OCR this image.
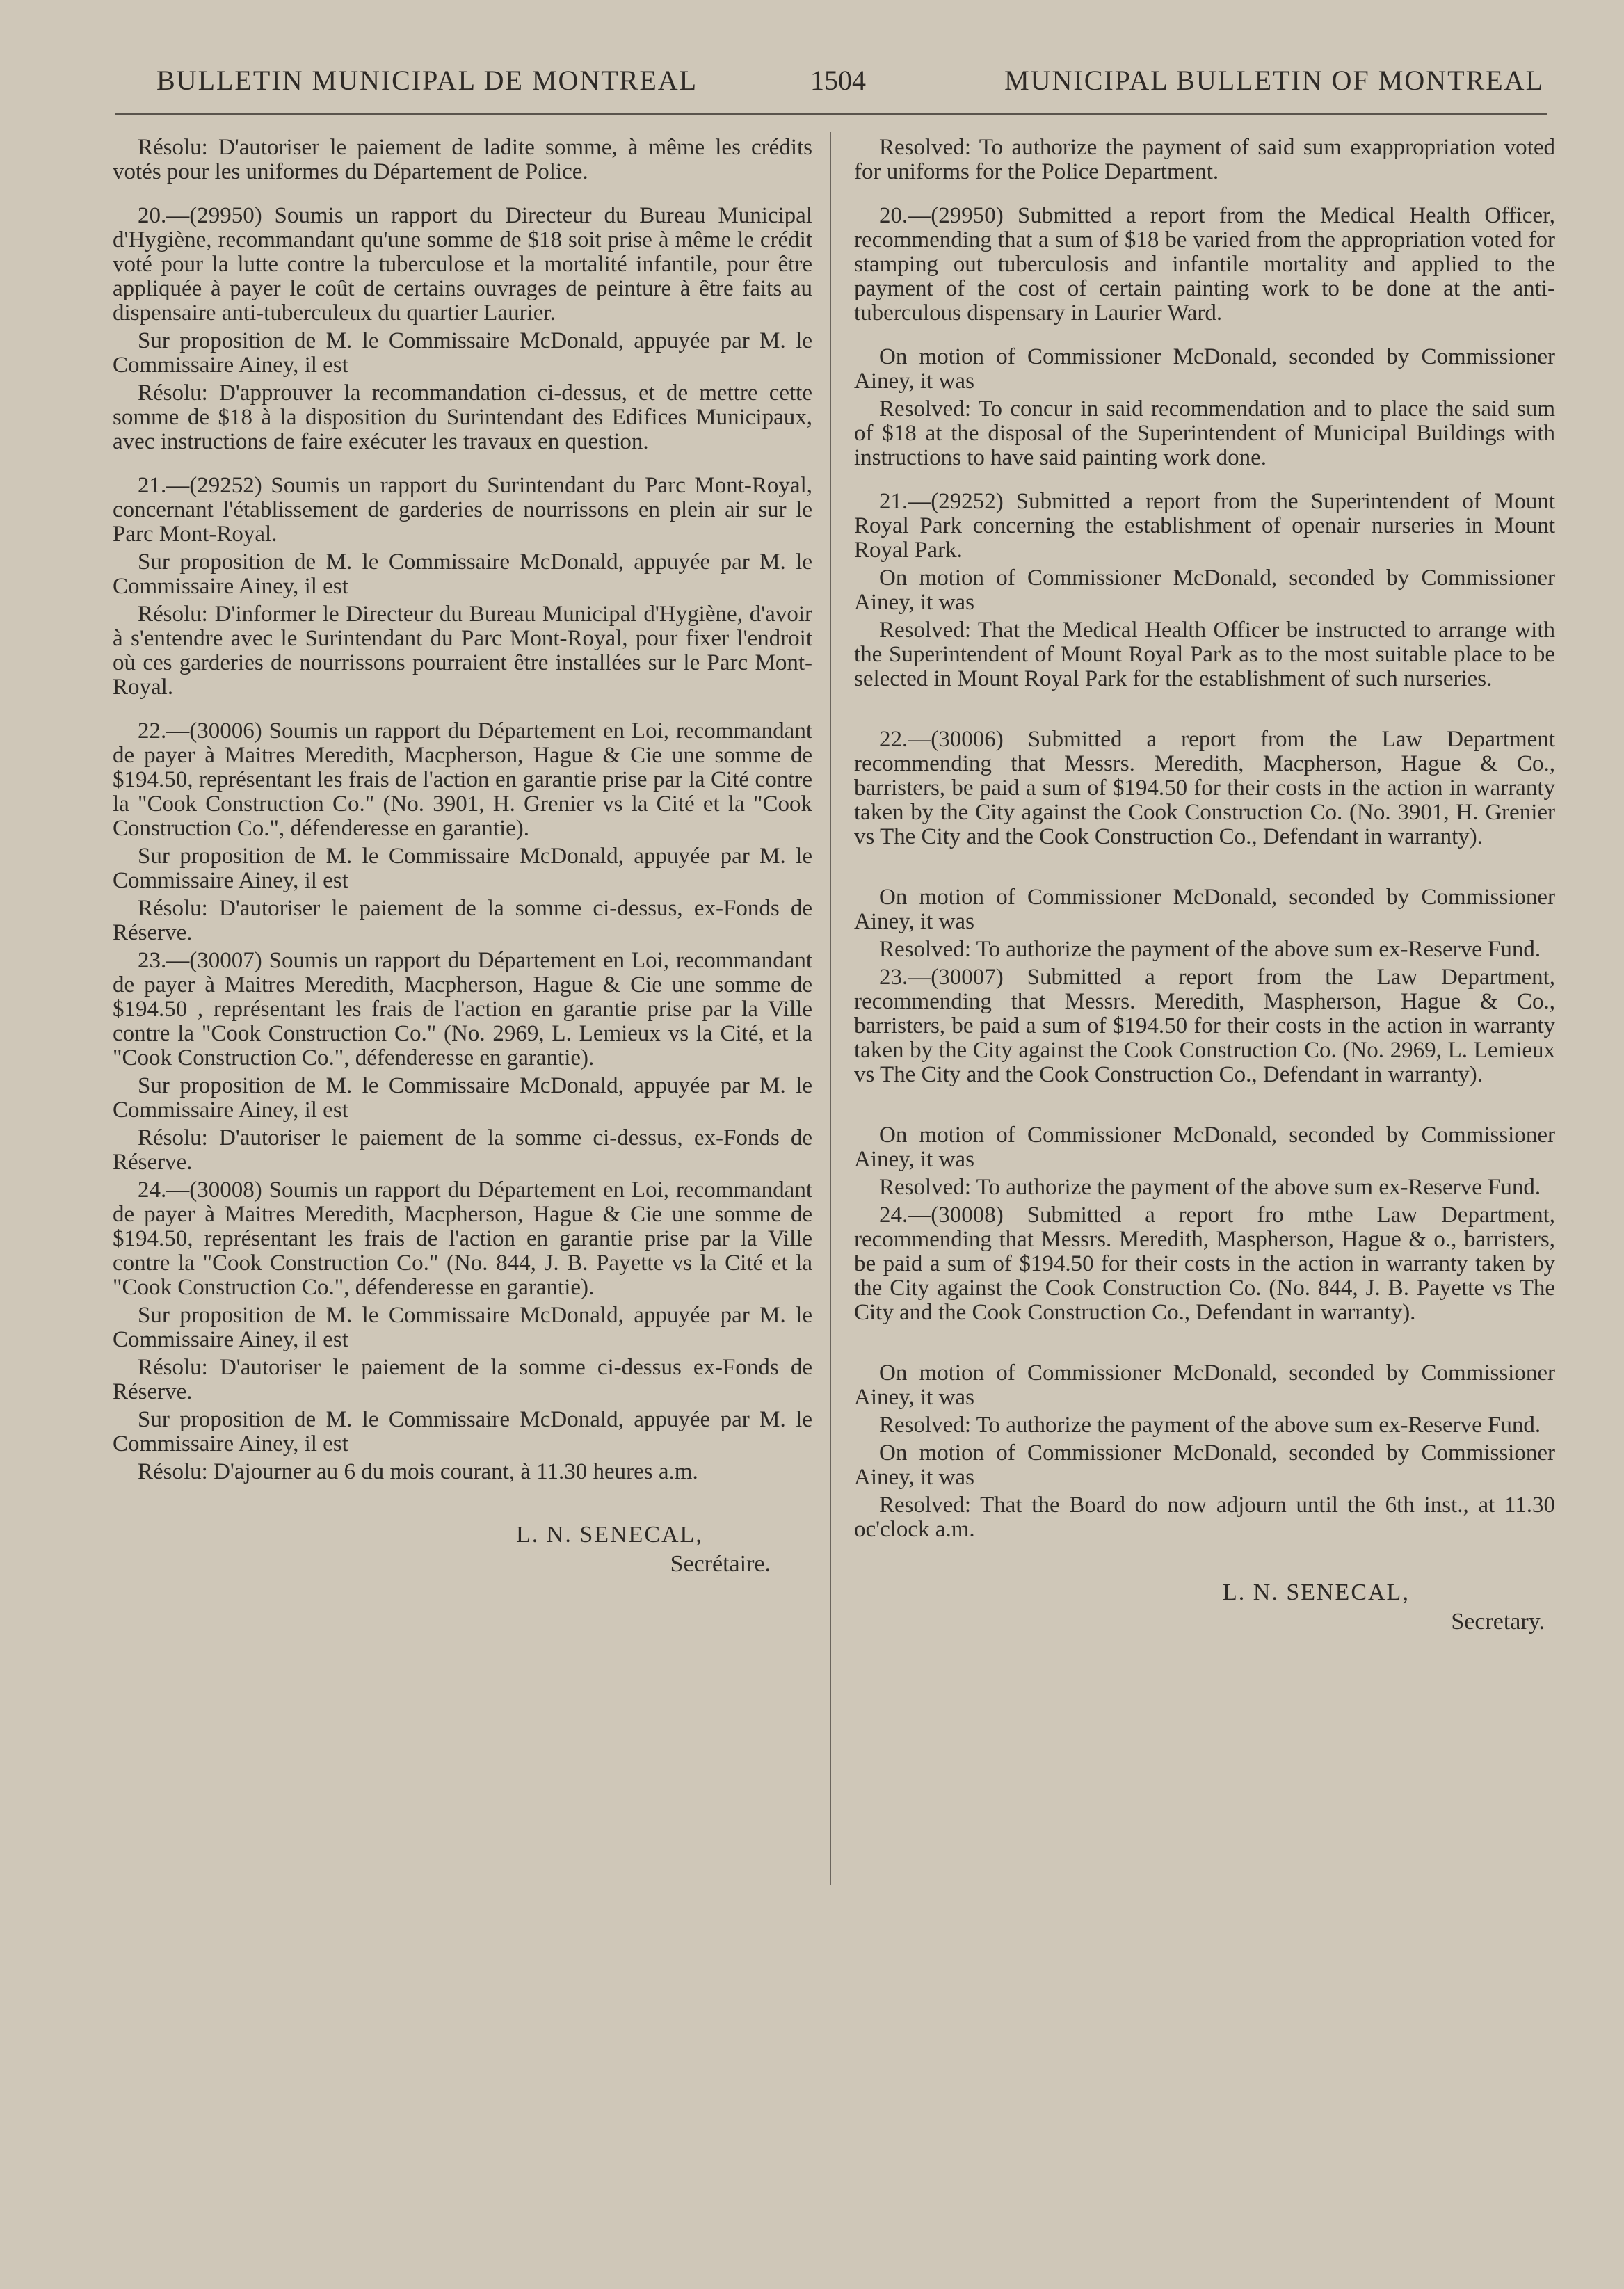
BULLETIN MUNICIPAL DE MONTREAL	1504	MUNICIPAL BULLETIN OF MONTREAL

Résolu: D'autoriser le paiement de ladite somme, à même les crédits votés pour les uniformes du Département de Police.

20.—(29950) Soumis un rapport du Directeur du Bureau Municipal d'Hygiène, recommandant qu'une somme de $18 soit prise à même le crédit voté pour la lutte contre la tuberculose et la mortalité infantile, pour être appliquée à payer le coût de certains ouvrages de peinture à être faits au dispensaire anti-tuberculeux du quartier Laurier.

Sur proposition de M. le Commissaire McDonald, appuyée par M. le Commissaire Ainey, il est

Résolu: D'approuver la recommandation ci-dessus, et de mettre cette somme de $18 à la disposition du Surintendant des Edifices Municipaux, avec instructions de faire exécuter les travaux en question.

21.—(29252) Soumis un rapport du Surintendant du Parc Mont-Royal, concernant l'établissement de garderies de nourrissons en plein air sur le Parc Mont-Royal.

Sur proposition de M. le Commissaire McDonald, appuyée par M. le Commissaire Ainey, il est

Résolu: D'informer le Directeur du Bureau Municipal d'Hygiène, d'avoir à s'entendre avec le Surintendant du Parc Mont-Royal, pour fixer l'endroit où ces garderies de nourrissons pourraient être installées sur le Parc Mont-Royal.

22.—(30006) Soumis un rapport du Département en Loi, recommandant de payer à Maitres Meredith, Macpherson, Hague & Cie une somme de $194.50, représentant les frais de l'action en garantie prise par la Cité contre la "Cook Construction Co." (No. 3901, H. Grenier vs la Cité et la "Cook Construction Co.", défenderesse en garantie).

Sur proposition de M. le Commissaire McDonald, appuyée par M. le Commissaire Ainey, il est

Résolu: D'autoriser le paiement de la somme ci-dessus, ex-Fonds de Réserve.

23.—(30007) Soumis un rapport du Département en Loi, recommandant de payer à Maitres Meredith, Macpherson, Hague & Cie une somme de $194.50 , représentant les frais de l'action en garantie prise par la Ville contre la "Cook Construction Co." (No. 2969, L. Lemieux vs la Cité, et la "Cook Construction Co.", défenderesse en garantie).

Sur proposition de M. le Commissaire McDonald, appuyée par M. le Commissaire Ainey, il est

Résolu: D'autoriser le paiement de la somme ci-dessus, ex-Fonds de Réserve.

24.—(30008) Soumis un rapport du Département en Loi, recommandant de payer à Maitres Meredith, Macpherson, Hague & Cie une somme de $194.50, représentant les frais de l'action en garantie prise par la Ville contre la "Cook Construction Co." (No. 844, J. B. Payette vs la Cité et la "Cook Construction Co.", défenderesse en garantie).

Sur proposition de M. le Commissaire McDonald, appuyée par M. le Commissaire Ainey, il est

Résolu: D'autoriser le paiement de la somme ci-dessus ex-Fonds de Réserve.

Sur proposition de M. le Commissaire McDonald, appuyée par M. le Commissaire Ainey, il est

Résolu: D'ajourner au 6 du mois courant, à 11.30 heures a.m.

L. N. SENECAL,
Secrétaire.

Resolved: To authorize the payment of said sum exappropriation voted for uniforms for the Police Department.

20.—(29950) Submitted a report from the Medical Health Officer, recommending that a sum of $18 be varied from the appropriation voted for stamping out tuberculosis and infantile mortality and applied to the payment of the cost of certain painting work to be done at the anti-tuberculous dispensary in Laurier Ward.

On motion of Commissioner McDonald, seconded by Commissioner Ainey, it was

Resolved: To concur in said recommendation and to place the said sum of $18 at the disposal of the Superintendent of Municipal Buildings with instructions to have said painting work done.

21.—(29252) Submitted a report from the Superintendent of Mount Royal Park concerning the establishment of openair nurseries in Mount Royal Park.

On motion of Commissioner McDonald, seconded by Commissioner Ainey, it was

Resolved: That the Medical Health Officer be instructed to arrange with the Superintendent of Mount Royal Park as to the most suitable place to be selected in Mount Royal Park for the establishment of such nurseries.

22.—(30006) Submitted a report from the Law Department recommending that Messrs. Meredith, Macpherson, Hague & Co., barristers, be paid a sum of $194.50 for their costs in the action in warranty taken by the City against the Cook Construction Co. (No. 3901, H. Grenier vs The City and the Cook Construction Co., Defendant in warranty).

On motion of Commissioner McDonald, seconded by Commissioner Ainey, it was

Resolved: To authorize the payment of the above sum ex-Reserve Fund.

23.—(30007) Submitted a report from the Law Department, recommending that Messrs. Meredith, Maspherson, Hague & Co., barristers, be paid a sum of $194.50 for their costs in the action in warranty taken by the City against the Cook Construction Co. (No. 2969, L. Lemieux vs The City and the Cook Construction Co., Defendant in warranty).

On motion of Commissioner McDonald, seconded by Commissioner Ainey, it was

Resolved: To authorize the payment of the above sum ex-Reserve Fund.

24.—(30008) Submitted a report fro mthe Law Department, recommending that Messrs. Meredith, Maspherson, Hague & o., barristers, be paid a sum of $194.50 for their costs in the action in warranty taken by the City against the Cook Construction Co. (No. 844, J. B. Payette vs The City and the Cook Construction Co., Defendant in warranty).

On motion of Commissioner McDonald, seconded by Commissioner Ainey, it was

Resolved: To authorize the payment of the above sum ex-Reserve Fund.

On motion of Commissioner McDonald, seconded by Commissioner Ainey, it was

Resolved: That the Board do now adjourn until the 6th inst., at 11.30 oc'clock a.m.

L. N. SENECAL,
Secretary.
